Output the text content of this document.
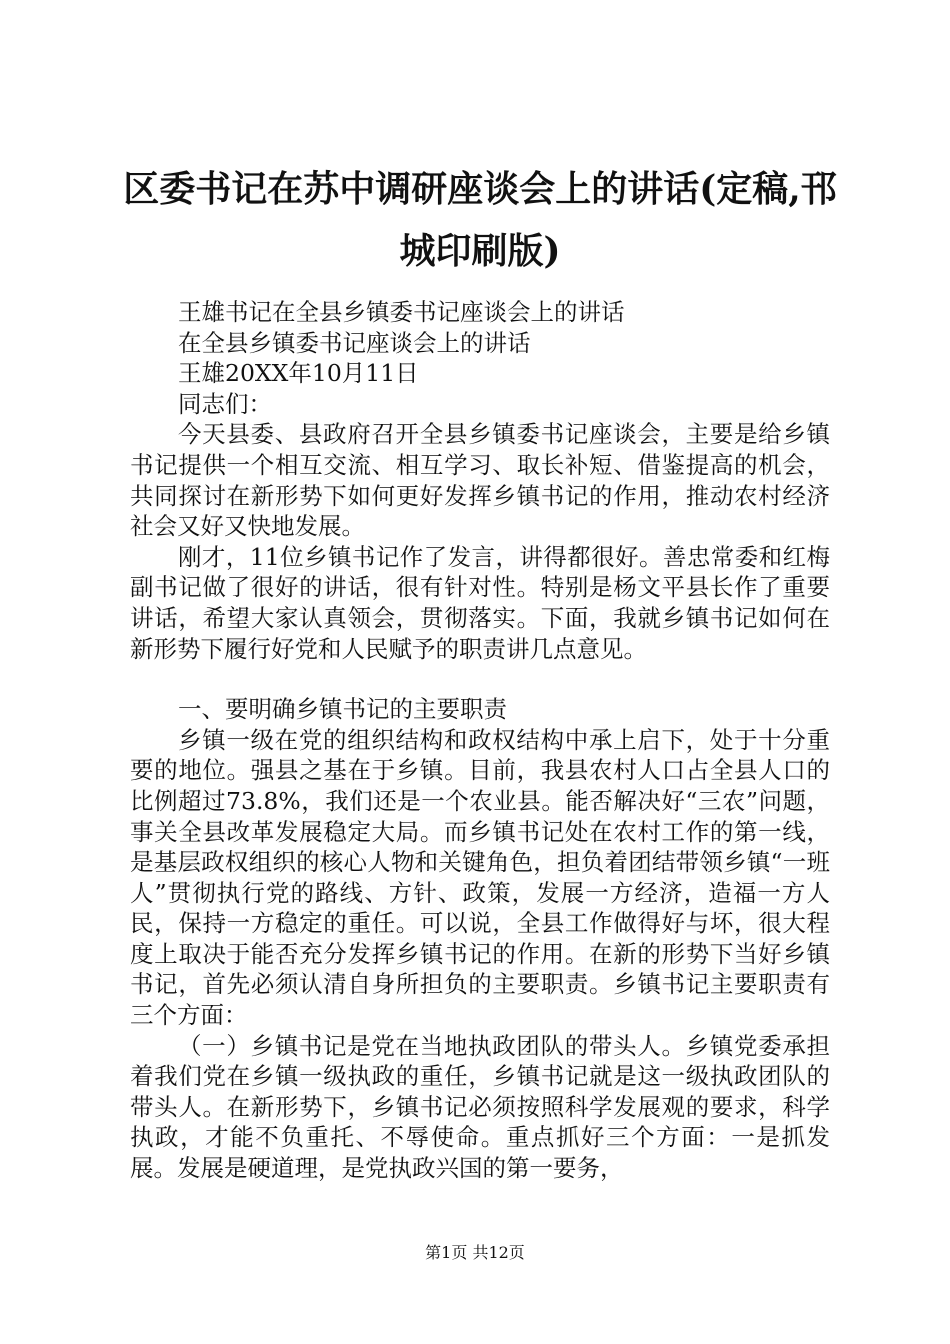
区委书记在苏中调研座谈会上的讲话(定稿,邗城印刷版)
王雄书记在全县乡镇委书记座谈会上的讲话
在全县乡镇委书记座谈会上的讲话
王雄20XX年10月11日
同志们：
今天县委、县政府召开全县乡镇委书记座谈会，主要是给乡镇书记提供一个相互交流、相互学习、取长补短、借鉴提高的机会，共同探讨在新形势下如何更好发挥乡镇书记的作用，推动农村经济社会又好又快地发展。
刚才，11位乡镇书记作了发言，讲得都很好。善忠常委和红梅副书记做了很好的讲话，很有针对性。特别是杨文平县长作了重要讲话，希望大家认真领会，贯彻落实。下面，我就乡镇书记如何在新形势下履行好党和人民赋予的职责讲几点意见。
一、要明确乡镇书记的主要职责
乡镇一级在党的组织结构和政权结构中承上启下，处于十分重要的地位。强县之基在于乡镇。目前，我县农村人口占全县人口的比例超过73.8%，我们还是一个农业县。能否解决好“三农”问题，事关全县改革发展稳定大局。而乡镇书记处在农村工作的第一线，是基层政权组织的核心人物和关键角色，担负着团结带领乡镇“一班人”贯彻执行党的路线、方针、政策，发展一方经济，造福一方人民，保持一方稳定的重任。可以说，全县工作做得好与坏，很大程度上取决于能否充分发挥乡镇书记的作用。在新的形势下当好乡镇书记，首先必须认清自身所担负的主要职责。乡镇书记主要职责有三个方面：
（一）乡镇书记是党在当地执政团队的带头人。乡镇党委承担着我们党在乡镇一级执政的重任，乡镇书记就是这一级执政团队的带头人。在新形势下，乡镇书记必须按照科学发展观的要求，科学执政，才能不负重托、不辱使命。重点抓好三个方面：一是抓发展。发展是硬道理，是党执政兴国的第一要务，
第1页 共12页
